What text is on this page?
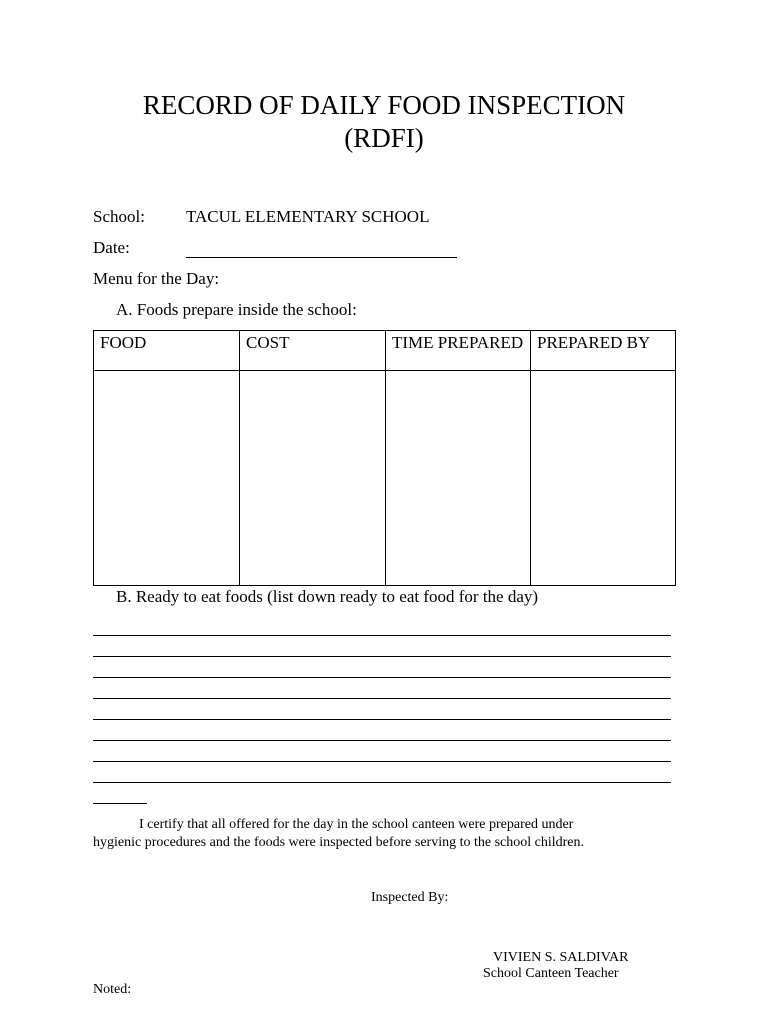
RECORD OF DAILY FOOD INSPECTION
(RDFI)
School: TACUL ELEMENTARY SCHOOL
Date:
Menu for the Day:
A. Foods prepare inside the school:
FOOD	COST	TIME PREPARED	PREPARED BY

B. Ready to eat foods (list down ready to eat food for the day)
I certify that all offered for the day in the school canteen were prepared under
hygienic procedures and the foods were inspected before serving to the school children.
Inspected By:
VIVIEN S. SALDIVAR
School Canteen Teacher
Noted:
